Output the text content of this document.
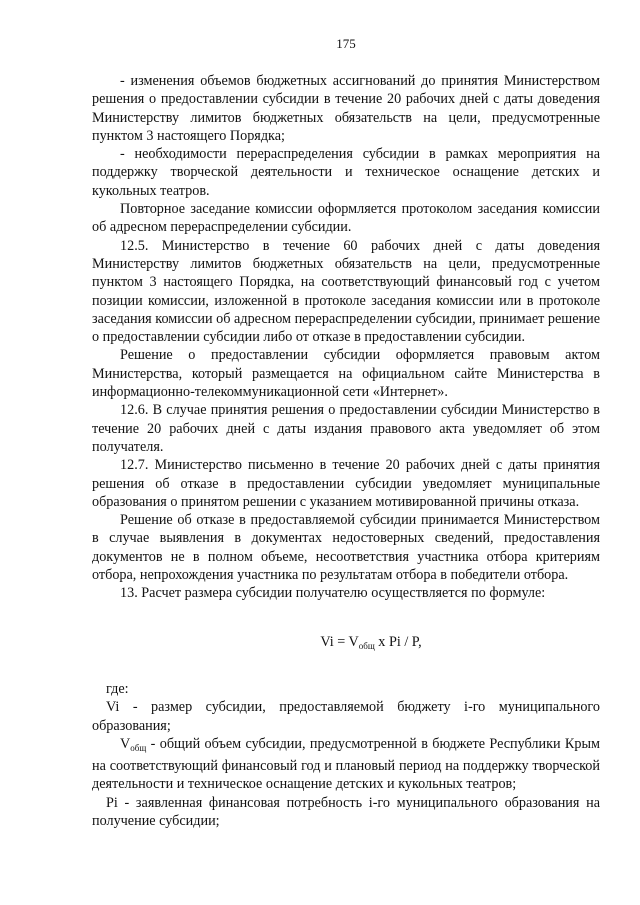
175

- изменения объемов бюджетных ассигнований до принятия Министерством решения о предоставлении субсидии в течение 20 рабочих дней с даты доведения Министерству лимитов бюджетных обязательств на цели, предусмотренные пунктом 3 настоящего Порядка;

- необходимости перераспределения субсидии в рамках мероприятия на поддержку творческой деятельности и техническое оснащение детских и кукольных театров.

Повторное заседание комиссии оформляется протоколом заседания комиссии об адресном перераспределении субсидии.

12.5. Министерство в течение 60 рабочих дней с даты доведения Министерству лимитов бюджетных обязательств на цели, предусмотренные пунктом 3 настоящего Порядка, на соответствующий финансовый год с учетом позиции комиссии, изложенной в протоколе заседания комиссии или в протоколе заседания комиссии об адресном перераспределении субсидии, принимает решение о предоставлении субсидии либо от отказе в предоставлении субсидии.

Решение о предоставлении субсидии оформляется правовым актом Министерства, который размещается на официальном сайте Министерства в информационно-телекоммуникационной сети «Интернет».

12.6. В случае принятия решения о предоставлении субсидии Министерство в течение 20 рабочих дней с даты издания правового акта уведомляет об этом получателя.

12.7. Министерство письменно в течение 20 рабочих дней с даты принятия решения об отказе в предоставлении субсидии уведомляет муниципальные образования о принятом решении с указанием мотивированной причины отказа.

Решение об отказе в предоставляемой субсидии принимается Министерством в случае выявления в документах недостоверных сведений, предоставления документов не в полном объеме, несоответствия участника отбора критериям отбора, непрохождения участника по результатам отбора в победители отбора.

13. Расчет размера субсидии получателю осуществляется по формуле:

$Vi = V_{общ}$ x Pi / P,

где:

Vi - размер субсидии, предоставляемой бюджету i-го муниципального образования;

$V_{общ}$ - общий объем субсидии, предусмотренной в бюджете Республики Крым на соответствующий финансовый год и плановый период на поддержку творческой деятельности и техническое оснащение детских и кукольных театров;

Pi - заявленная финансовая потребность i-го муниципального образования на получение субсидии;
